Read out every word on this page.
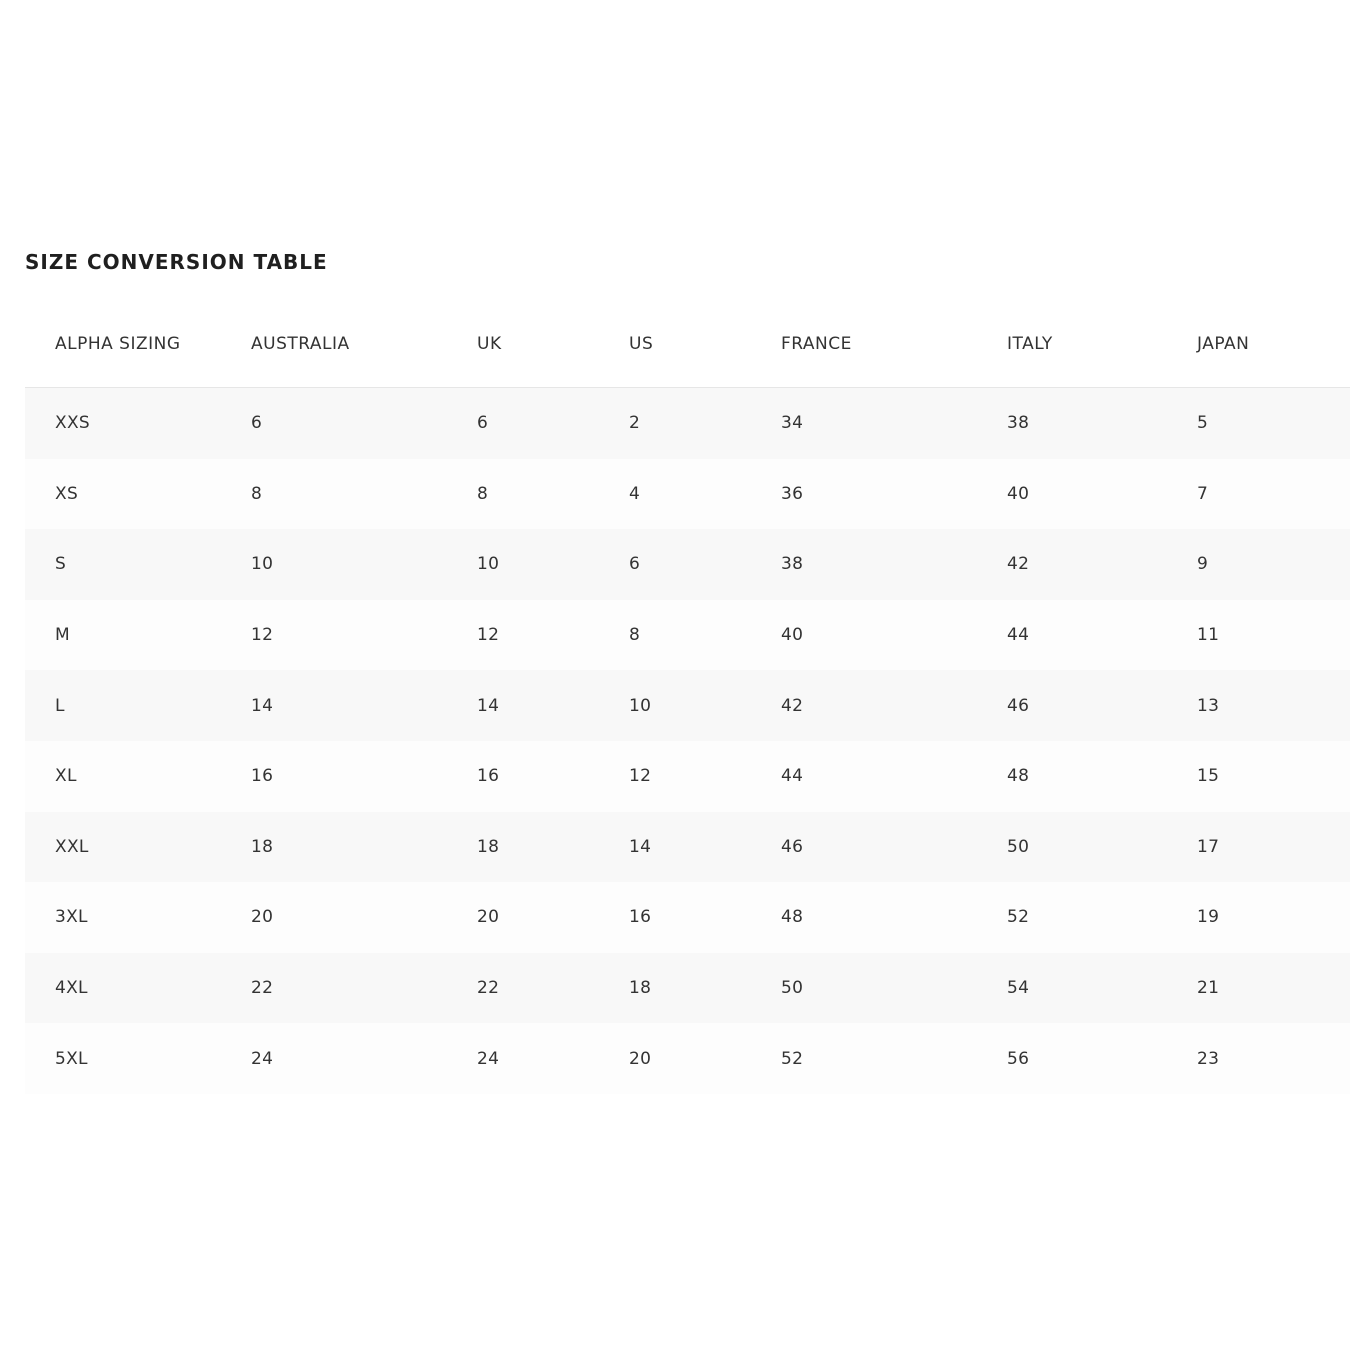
SIZE CONVERSION TABLE
ALPHA SIZING	AUSTRALIA	UK	US	FRANCE	ITALY	JAPAN
XXS	6	6	2	34	38	5
XS	8	8	4	36	40	7
S	10	10	6	38	42	9
M	12	12	8	40	44	11
L	14	14	10	42	46	13
XL	16	16	12	44	48	15
XXL	18	18	14	46	50	17
3XL	20	20	16	48	52	19
4XL	22	22	18	50	54	21
5XL	24	24	20	52	56	23
